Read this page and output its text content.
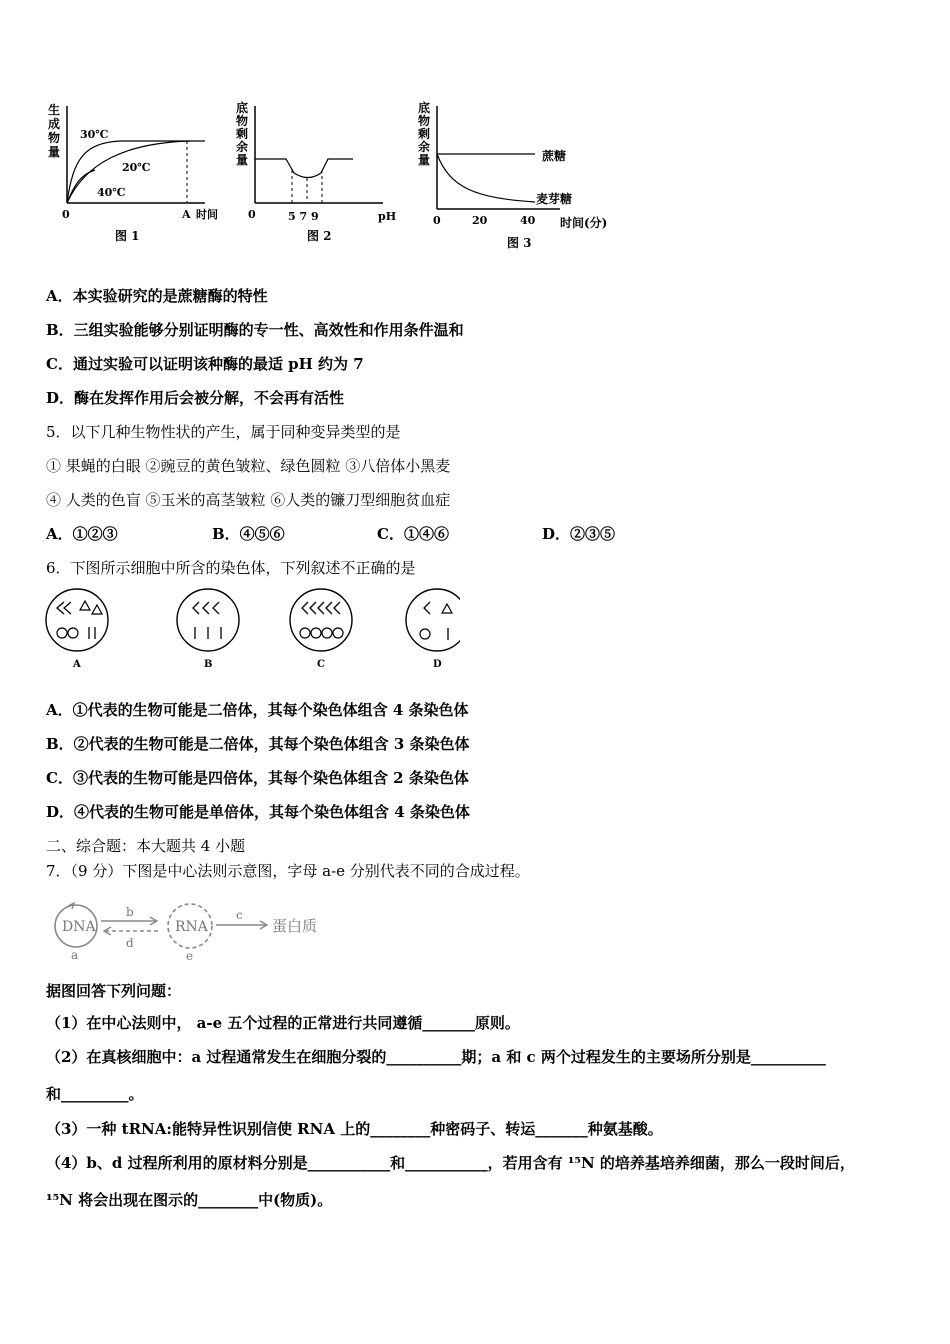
生
成
物
量
30℃
20℃
40℃
0	A 时间
图 1
底
物
剩
余
量
0	5 7 9	pH
图 2
底
物
剩
余
量	蔗糖
麦芽糖
0	20	40 时间(分)
图 3
A．本实验研究的是蔗糖酶的特性
B．三组实验能够分别证明酶的专一性、高效性和作用条件温和
C．通过实验可以证明该种酶的最适 pH 约为 7
D．酶在发挥作用后会被分解，不会再有活性
5．以下几种生物性状的产生，属于同种变异类型的是
① 果蝇的白眼 ②豌豆的黄色皱粒、绿色圆粒 ③八倍体小黑麦
④ 人类的色盲 ⑤玉米的高茎皱粒 ⑥人类的镰刀型细胞贫血症
A．①②③	B．④⑤⑥	C．①④⑥	D．②③⑤
6．下图所示细胞中所含的染色体，下列叙述不正确的是
A	B	C	D
A．①代表的生物可能是二倍体，其每个染色体组含 4 条染色体
B．②代表的生物可能是二倍体，其每个染色体组含 3 条染色体
C．③代表的生物可能是四倍体，其每个染色体组含 2 条染色体
D．④代表的生物可能是单倍体，其每个染色体组含 4 条染色体
二、综合题：本大题共 4 小题
7．（9 分）下图是中心法则示意图，字母 a-e 分别代表不同的合成过程。
DNA
a
b
d
RNA
e
c
蛋白质
据图回答下列问题：
（1）在中心法则中， a-e 五个过程的正常进行共同遵循_______原则。
（2）在真核细胞中：a 过程通常发生在细胞分裂的__________期；a 和 c 两个过程发生的主要场所分别是__________
和_________。
（3）一种 tRNA:能特异性识别信使 RNA 上的________种密码子、转运_______种氨基酸。
（4）b、d 过程所利用的原材料分别是___________和___________，若用含有 ¹⁵N 的培养基培养细菌，那么一段时间后，
¹⁵N 将会出现在图示的________中(物质)。
